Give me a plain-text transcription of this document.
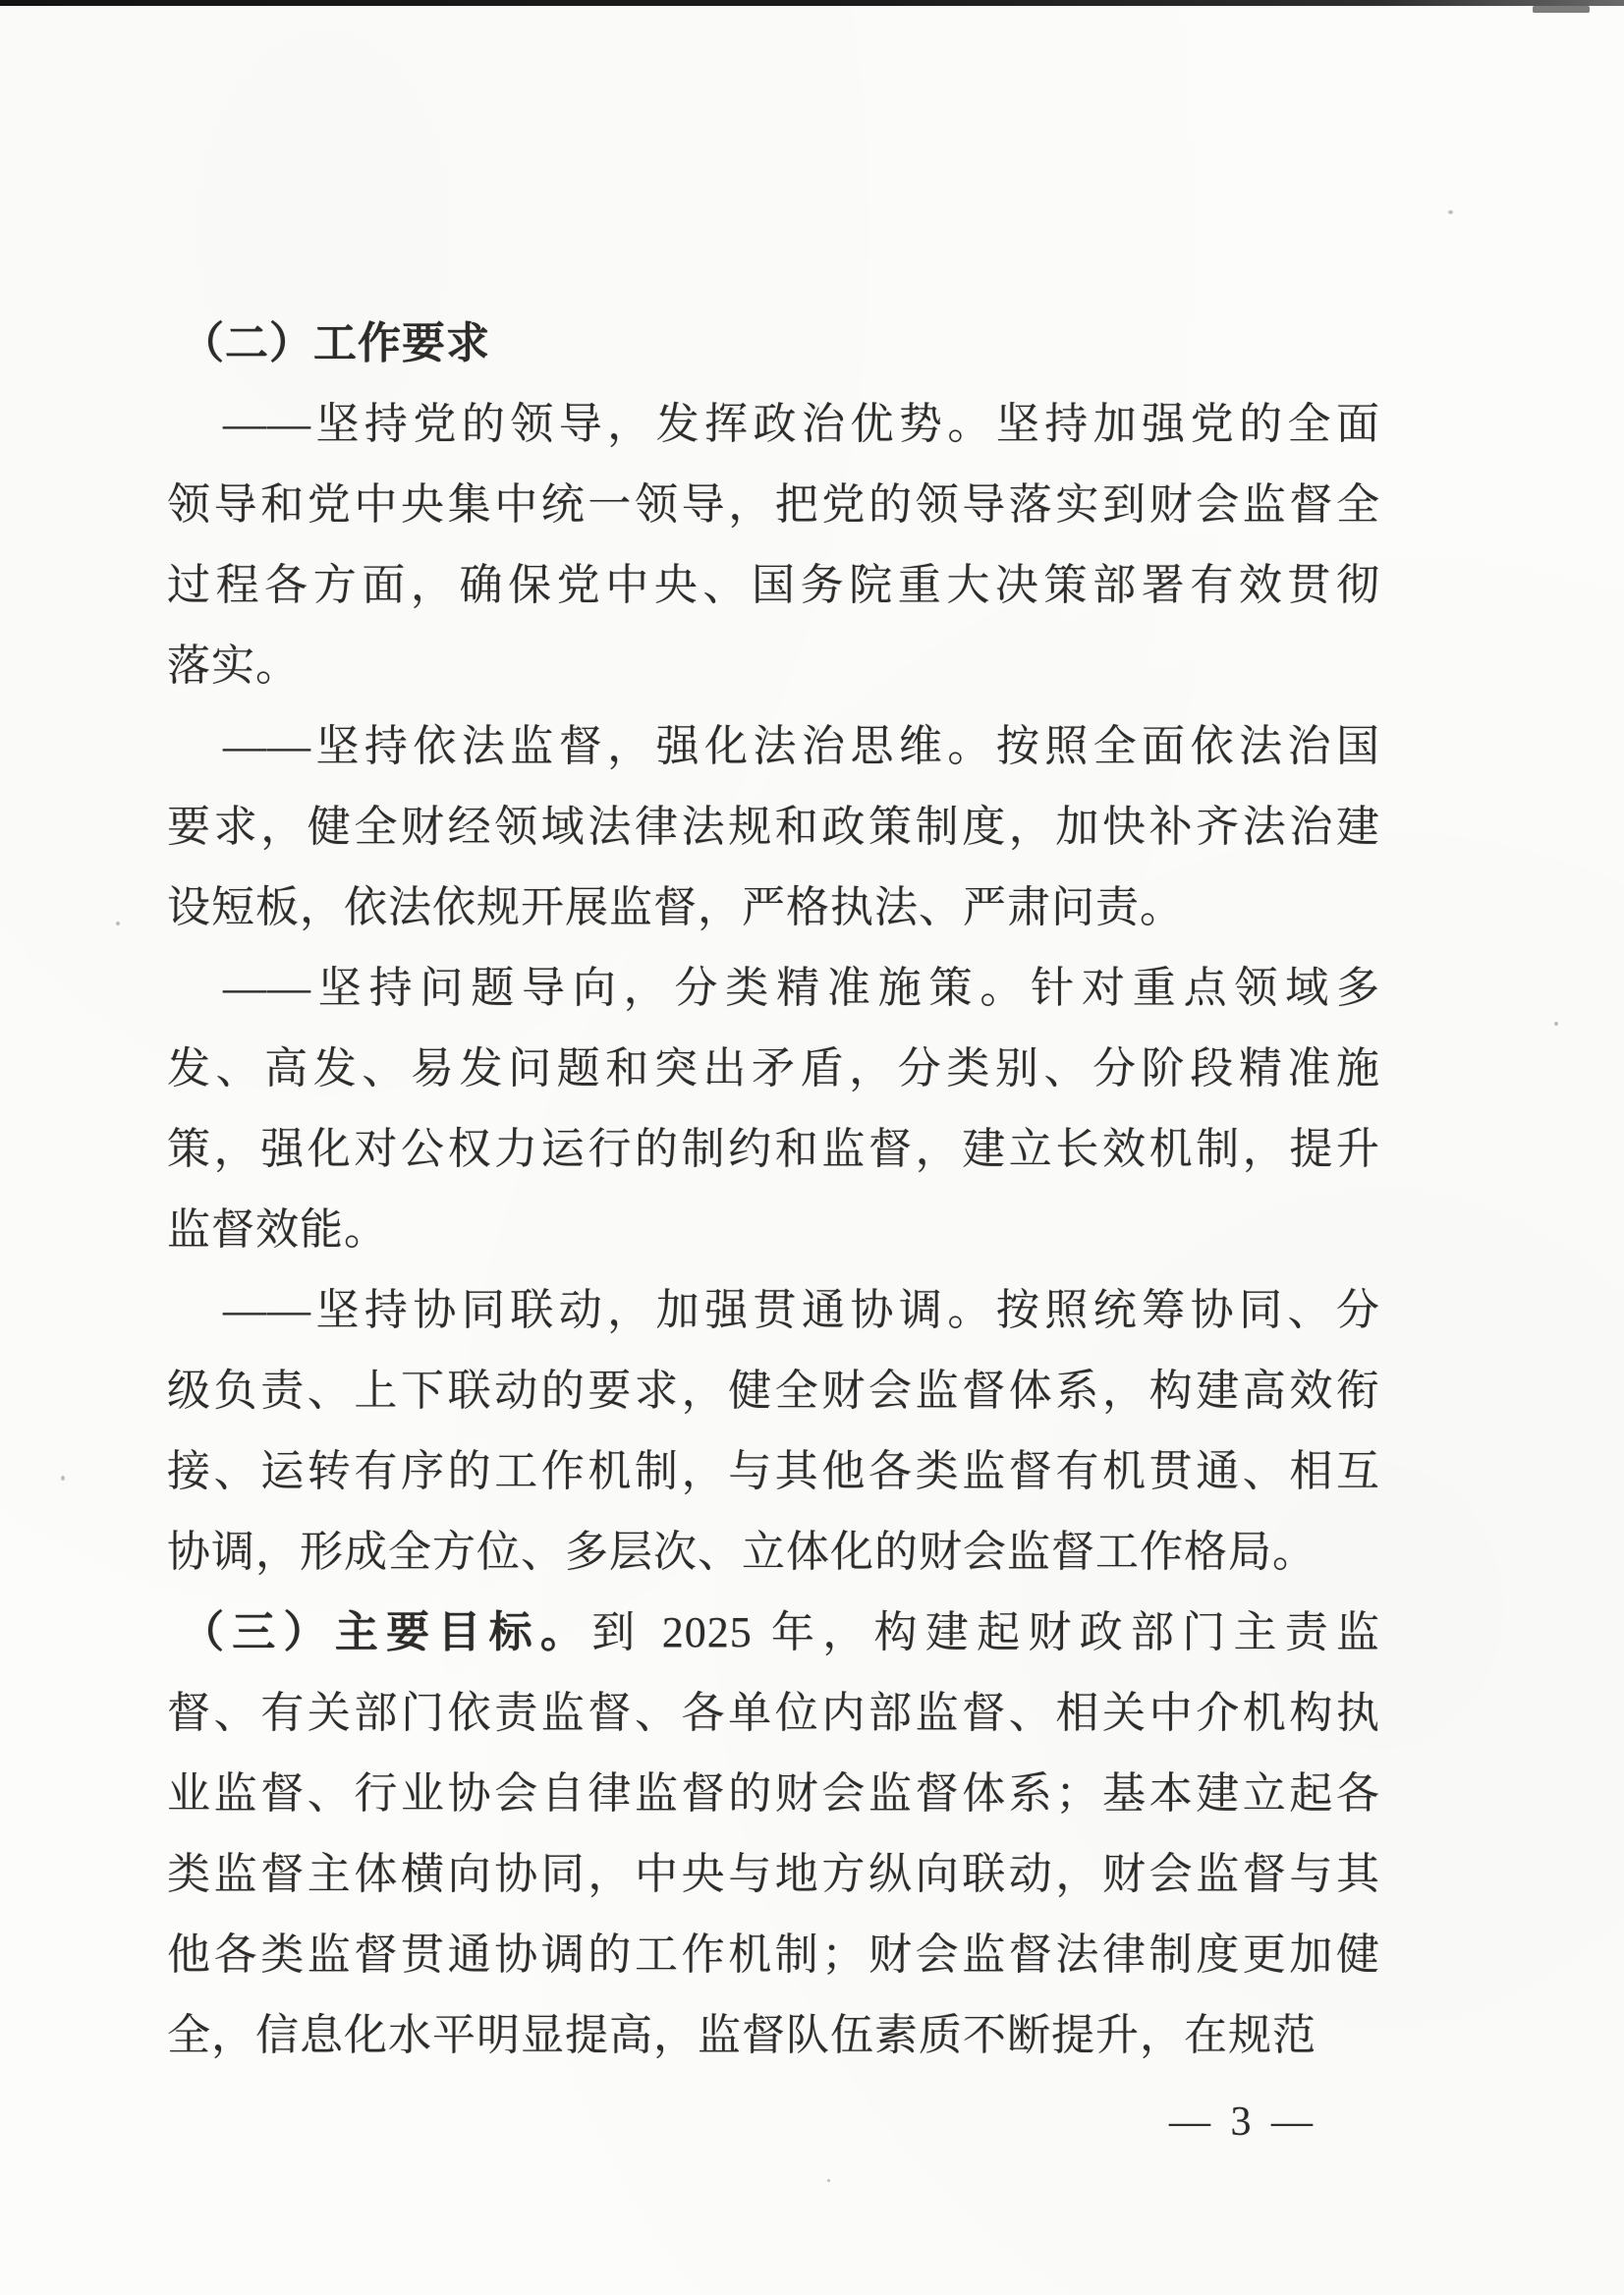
（二）工作要求
——坚持党的领导，发挥政治优势。坚持加强党的全面
领导和党中央集中统一领导，把党的领导落实到财会监督全
过程各方面，确保党中央、国务院重大决策部署有效贯彻
落实。
——坚持依法监督，强化法治思维。按照全面依法治国
要求，健全财经领域法律法规和政策制度，加快补齐法治建
设短板，依法依规开展监督，严格执法、严肃问责。
——坚持问题导向，分类精准施策。针对重点领域多
发、高发、易发问题和突出矛盾，分类别、分阶段精准施
策，强化对公权力运行的制约和监督，建立长效机制，提升
监督效能。
——坚持协同联动，加强贯通协调。按照统筹协同、分
级负责、上下联动的要求，健全财会监督体系，构建高效衔
接、运转有序的工作机制，与其他各类监督有机贯通、相互
协调，形成全方位、多层次、立体化的财会监督工作格局。
（三）主要目标。到 2025 年，构建起财政部门主责监
督、有关部门依责监督、各单位内部监督、相关中介机构执
业监督、行业协会自律监督的财会监督体系；基本建立起各
类监督主体横向协同，中央与地方纵向联动，财会监督与其
他各类监督贯通协调的工作机制；财会监督法律制度更加健
全，信息化水平明显提高，监督队伍素质不断提升，在规范
— 3 —
